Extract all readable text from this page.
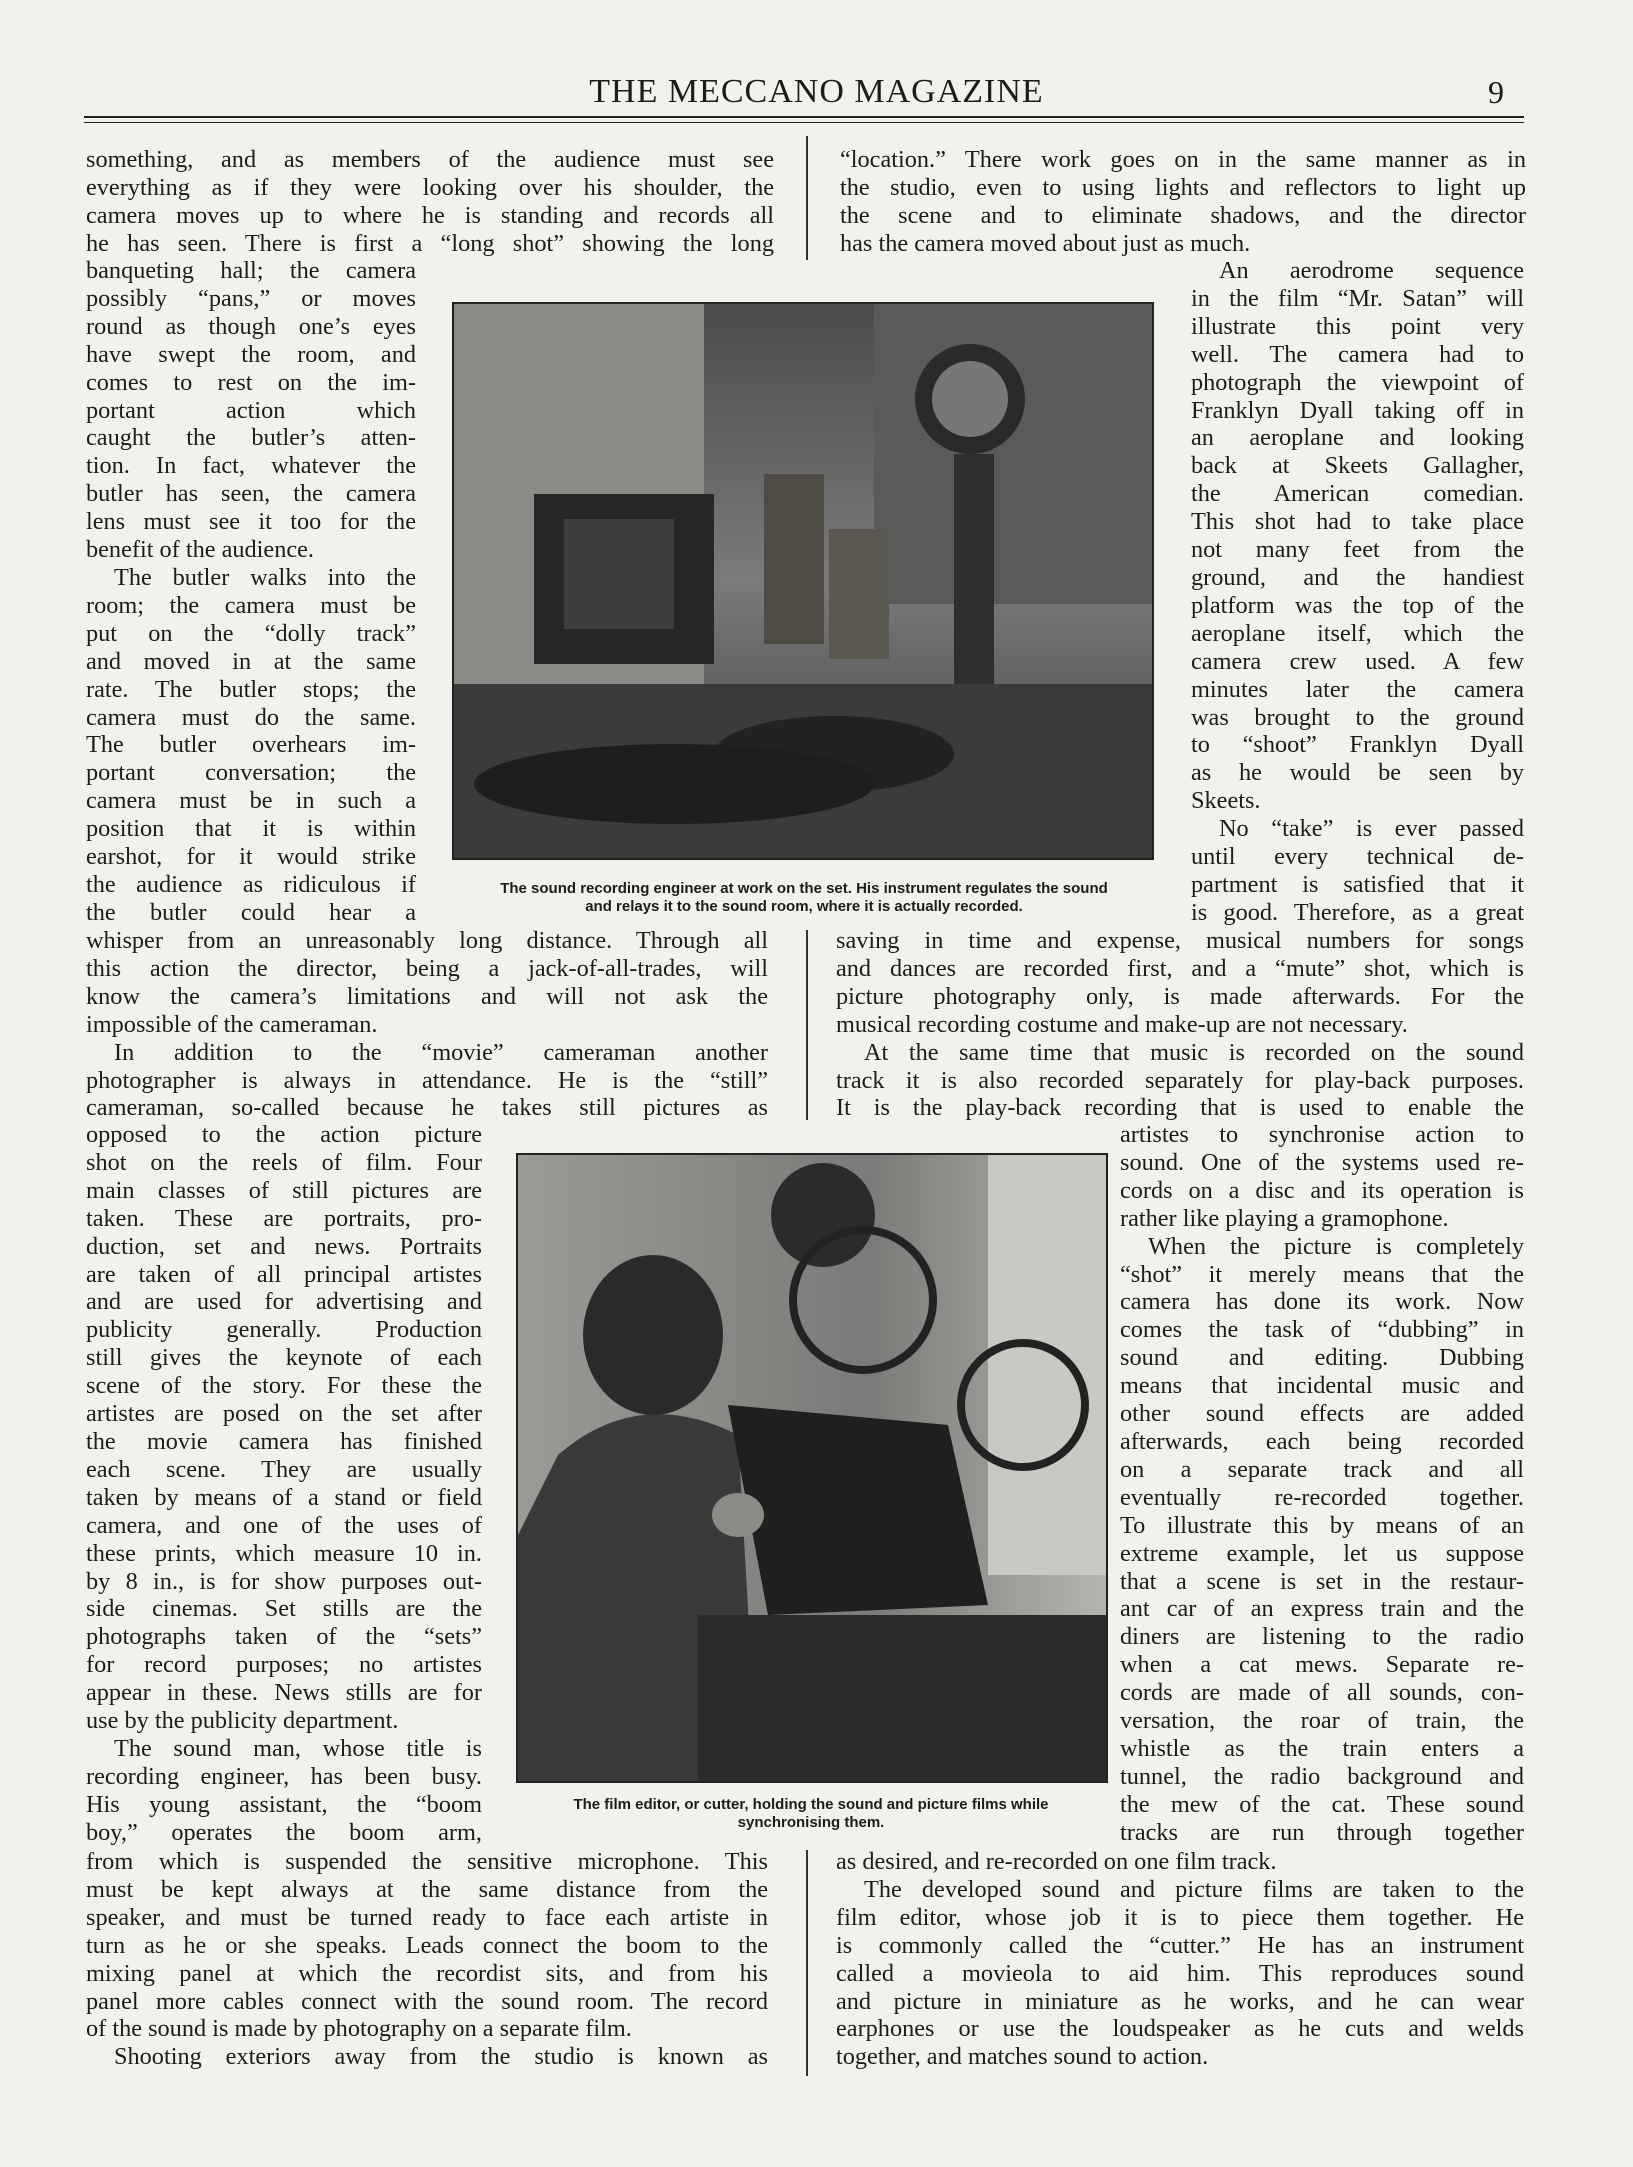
THE MECCANO MAGAZINE	9
something, and as members of the audience must see
everything as if they were looking over his shoulder, the
camera moves up to where he is standing and records all
he has seen. There is first a “long shot” showing the long
banqueting hall; the camera
possibly “pans,” or moves
round as though one’s eyes
have swept the room, and
comes to rest on the im-
portant action which
caught the butler’s atten-
tion. In fact, whatever the
butler has seen, the camera
lens must see it too for the
benefit of the audience.
The butler walks into the
room; the camera must be
put on the “dolly track”
and moved in at the same
rate. The butler stops; the
camera must do the same.
The butler overhears im-
portant conversation; the
camera must be in such a
position that it is within
earshot, for it would strike
the audience as ridiculous if
the butler could hear a
whisper from an unreasonably long distance. Through all
this action the director, being a jack-of-all-trades, will
know the camera’s limitations and will not ask the
impossible of the cameraman.
In addition to the “movie” cameraman another
photographer is always in attendance. He is the “still”
cameraman, so-called because he takes still pictures as
opposed to the action picture
shot on the reels of film. Four
main classes of still pictures are
taken. These are portraits, pro-
duction, set and news. Portraits
are taken of all principal artistes
and are used for advertising and
publicity generally. Production
still gives the keynote of each
scene of the story. For these the
artistes are posed on the set after
the movie camera has finished
each scene. They are usually
taken by means of a stand or field
camera, and one of the uses of
these prints, which measure 10 in.
by 8 in., is for show purposes out-
side cinemas. Set stills are the
photographs taken of the “sets”
for record purposes; no artistes
appear in these. News stills are for
use by the publicity department.
The sound man, whose title is
recording engineer, has been busy.
His young assistant, the “boom
boy,” operates the boom arm,
from which is suspended the sensitive microphone. This
must be kept always at the same distance from the
speaker, and must be turned ready to face each artiste in
turn as he or she speaks. Leads connect the boom to the
mixing panel at which the recordist sits, and from his
panel more cables connect with the sound room. The record
of the sound is made by photography on a separate film.
Shooting exteriors away from the studio is known as
“location.” There work goes on in the same manner as in
the studio, even to using lights and reflectors to light up
the scene and to eliminate shadows, and the director
has the camera moved about just as much.
An aerodrome sequence
in the film “Mr. Satan” will
illustrate this point very
well. The camera had to
photograph the viewpoint of
Franklyn Dyall taking off in
an aeroplane and looking
back at Skeets Gallagher,
the American comedian.
This shot had to take place
not many feet from the
ground, and the handiest
platform was the top of the
aeroplane itself, which the
camera crew used. A few
minutes later the camera
was brought to the ground
to “shoot” Franklyn Dyall
as he would be seen by
Skeets.
No “take” is ever passed
until every technical de-
partment is satisfied that it
is good. Therefore, as a great
saving in time and expense, musical numbers for songs
and dances are recorded first, and a “mute” shot, which is
picture photography only, is made afterwards. For the
musical recording costume and make-up are not necessary.
At the same time that music is recorded on the sound
track it is also recorded separately for play-back purposes.
It is the play-back recording that is used to enable the
artistes to synchronise action to
sound. One of the systems used re-
cords on a disc and its operation is
rather like playing a gramophone.
When the picture is completely
“shot” it merely means that the
camera has done its work. Now
comes the task of “dubbing” in
sound and editing. Dubbing
means that incidental music and
other sound effects are added
afterwards, each being recorded
on a separate track and all
eventually re-recorded together.
To illustrate this by means of an
extreme example, let us suppose
that a scene is set in the restaur-
ant car of an express train and the
diners are listening to the radio
when a cat mews. Separate re-
cords are made of all sounds, con-
versation, the roar of train, the
whistle as the train enters a
tunnel, the radio background and
the mew of the cat. These sound
tracks are run through together
as desired, and re-recorded on one film track.
The developed sound and picture films are taken to the
film editor, whose job it is to piece them together. He
is commonly called the “cutter.” He has an instrument
called a movieola to aid him. This reproduces sound
and picture in miniature as he works, and he can wear
earphones or use the loudspeaker as he cuts and welds
together, and matches sound to action.
The sound recording engineer at work on the set. His instrument regulates the sound
and relays it to the sound room, where it is actually recorded.
The film editor, or cutter, holding the sound and picture films while
synchronising them.
